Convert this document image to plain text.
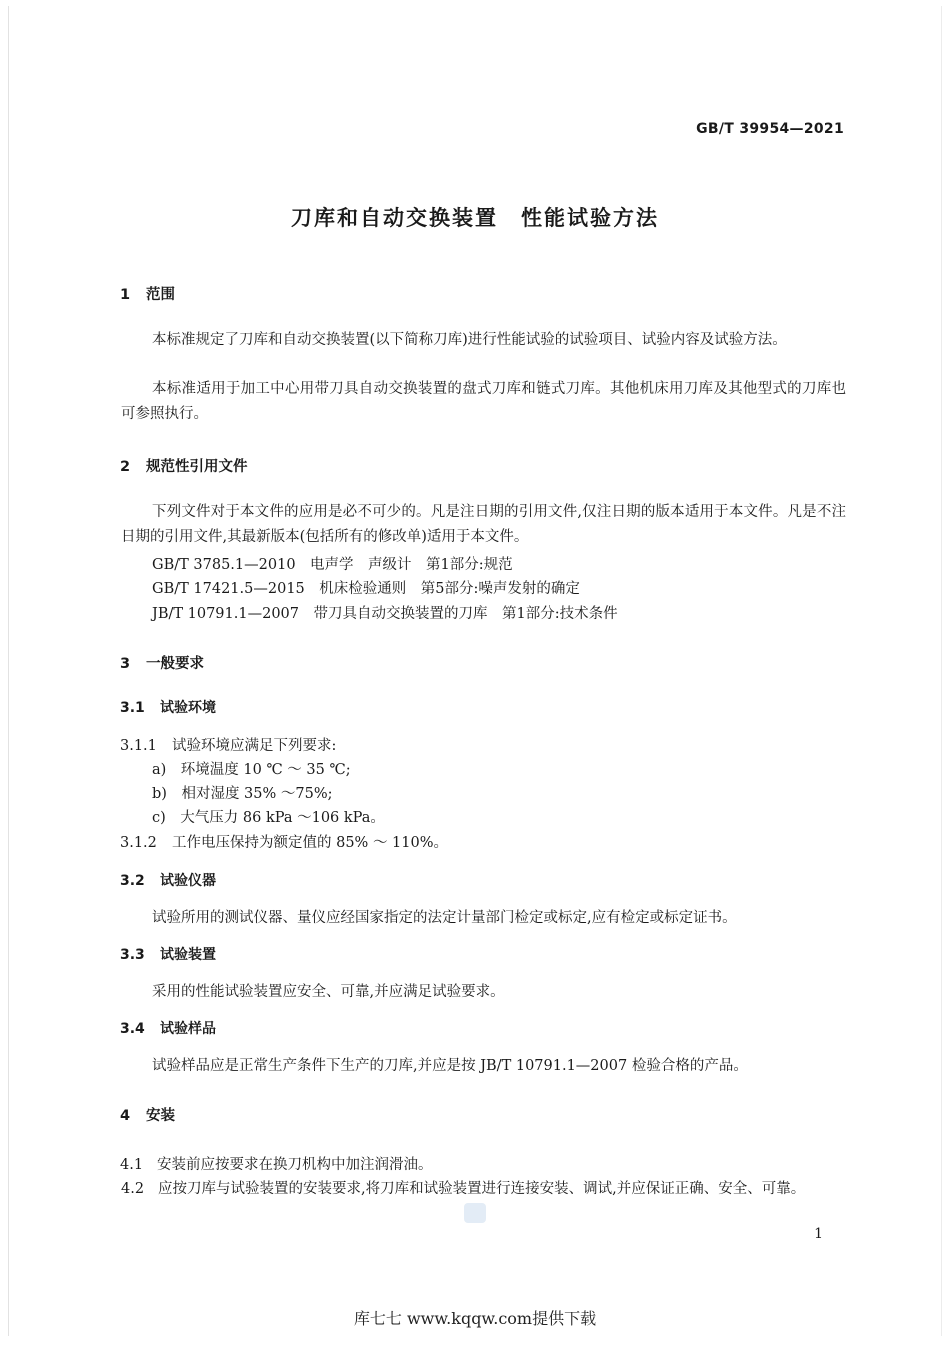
GB/T 39954—2021
刀库和自动交换装置　性能试验方法
1 范围
本标准规定了刀库和自动交换装置(以下简称刀库)进行性能试验的试验项目、试验内容及试验方法。
本标准适用于加工中心用带刀具自动交换装置的盘式刀库和链式刀库。其他机床用刀库及其他型式的刀库也可参照执行。
2 规范性引用文件
下列文件对于本文件的应用是必不可少的。凡是注日期的引用文件,仅注日期的版本适用于本文件。凡是不注日期的引用文件,其最新版本(包括所有的修改单)适用于本文件。
GB/T 3785.1—2010　电声学　声级计　第1部分:规范
GB/T 17421.5—2015　机床检验通则　第5部分:噪声发射的确定
JB/T 10791.1—2007　带刀具自动交换装置的刀库　第1部分:技术条件
3 一般要求
3.1 试验环境
3.1.1 试验环境应满足下列要求:
a)　环境温度 10 ℃ ～ 35 ℃;
b)　相对湿度 35% ～75%;
c)　大气压力 86 kPa ～106 kPa。
3.1.2 工作电压保持为额定值的 85% ～ 110%。
3.2 试验仪器
试验所用的测试仪器、量仪应经国家指定的法定计量部门检定或标定,应有检定或标定证书。
3.3 试验装置
采用的性能试验装置应安全、可靠,并应满足试验要求。
3.4 试验样品
试验样品应是正常生产条件下生产的刀库,并应是按 JB/T 10791.1—2007 检验合格的产品。
4 安装
4.1 安装前应按要求在换刀机构中加注润滑油。
4.2 应按刀库与试验装置的安装要求,将刀库和试验装置进行连接安装、调试,并应保证正确、安全、可靠。
1
库七七 www.kqqw.com提供下载
